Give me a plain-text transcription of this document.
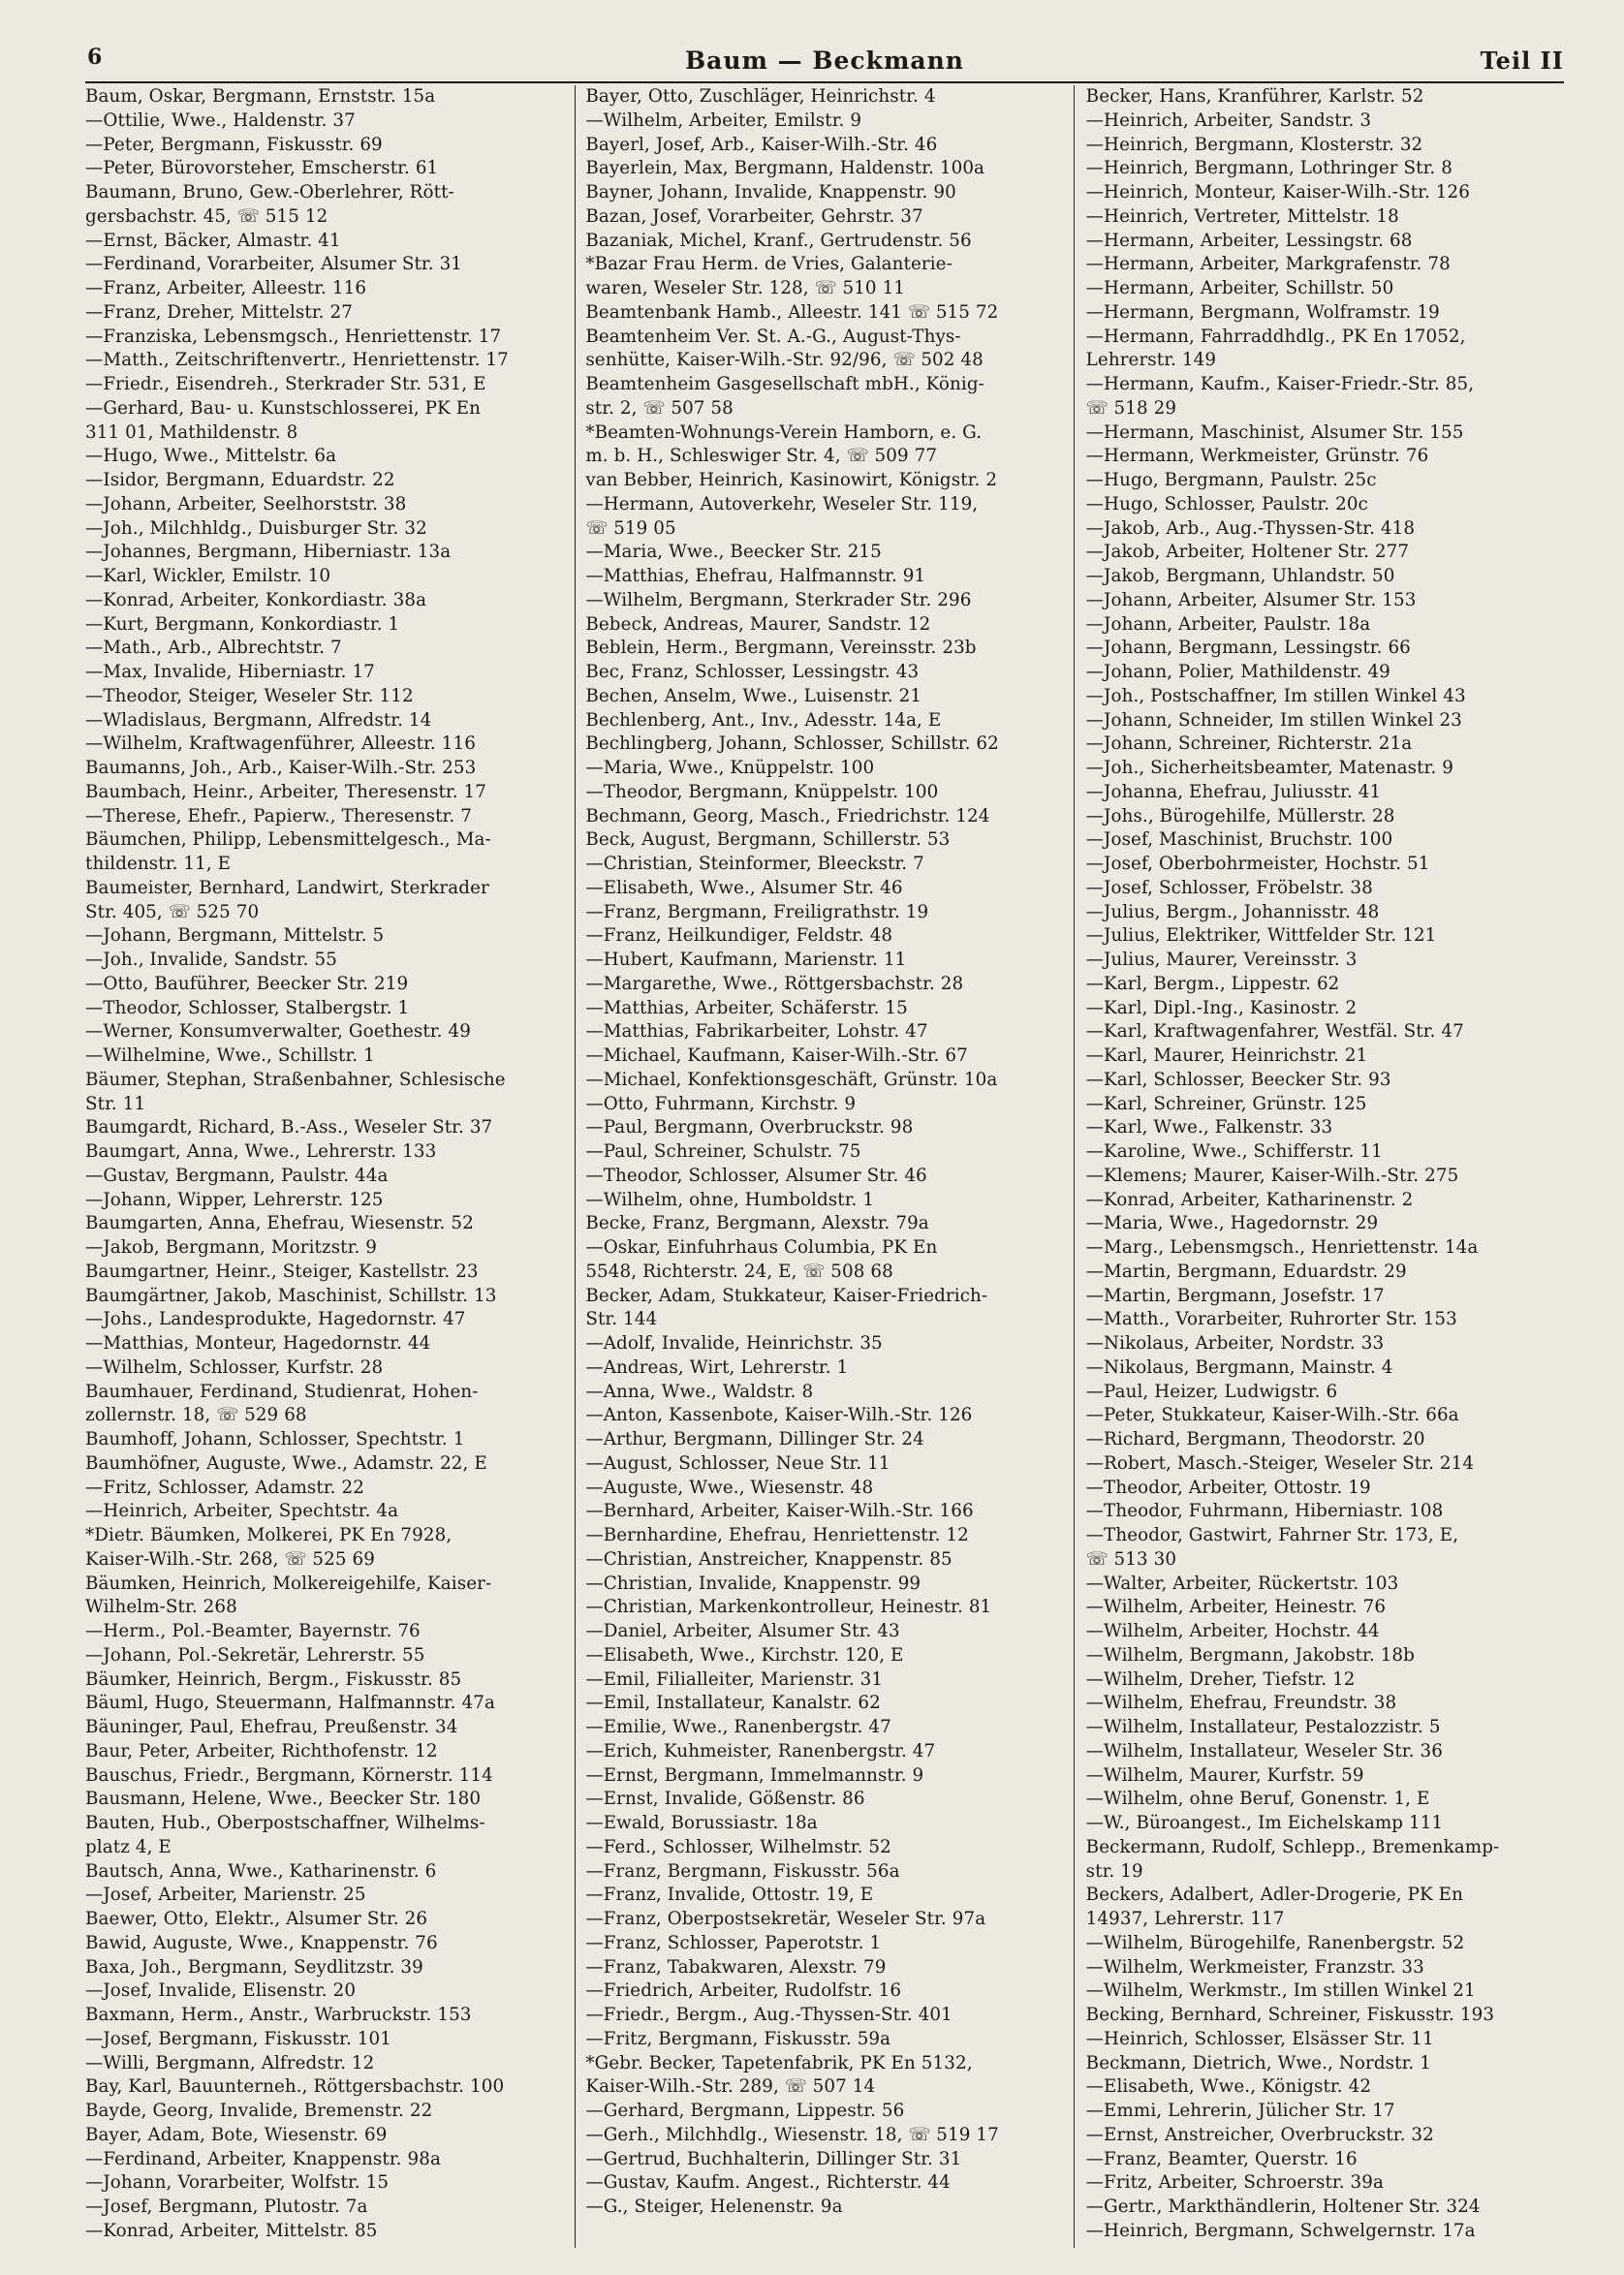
6	Baum — Beckmann	Teil II
Baum, Oskar, Bergmann, Ernststr. 15a
—Ottilie, Wwe., Haldenstr. 37
—Peter, Bergmann, Fiskusstr. 69
—Peter, Bürovorsteher, Emscherstr. 61
Baumann, Bruno, Gew.-Oberlehrer, Rött-
gersbachstr. 45, ☏ 515 12
—Ernst, Bäcker, Almastr. 41
—Ferdinand, Vorarbeiter, Alsumer Str. 31
—Franz, Arbeiter, Alleestr. 116
—Franz, Dreher, Mittelstr. 27
—Franziska, Lebensmgsch., Henriettenstr. 17
—Matth., Zeitschriftenvertr., Henriettenstr. 17
—Friedr., Eisendreh., Sterkrader Str. 531, E
—Gerhard, Bau- u. Kunstschlosserei, PK En
311 01, Mathildenstr. 8
—Hugo, Wwe., Mittelstr. 6a
—Isidor, Bergmann, Eduardstr. 22
—Johann, Arbeiter, Seelhorststr. 38
—Joh., Milchhldg., Duisburger Str. 32
—Johannes, Bergmann, Hiberniastr. 13a
—Karl, Wickler, Emilstr. 10
—Konrad, Arbeiter, Konkordiastr. 38a
—Kurt, Bergmann, Konkordiastr. 1
—Math., Arb., Albrechtstr. 7
—Max, Invalide, Hiberniastr. 17
—Theodor, Steiger, Weseler Str. 112
—Wladislaus, Bergmann, Alfredstr. 14
—Wilhelm, Kraftwagenführer, Alleestr. 116
Baumanns, Joh., Arb., Kaiser-Wilh.-Str. 253
Baumbach, Heinr., Arbeiter, Theresenstr. 17
—Therese, Ehefr., Papierw., Theresenstr. 7
Bäumchen, Philipp, Lebensmittelgesch., Ma-
thildenstr. 11, E
Baumeister, Bernhard, Landwirt, Sterkrader
Str. 405, ☏ 525 70
—Johann, Bergmann, Mittelstr. 5
—Joh., Invalide, Sandstr. 55
—Otto, Bauführer, Beecker Str. 219
—Theodor, Schlosser, Stalbergstr. 1
—Werner, Konsumverwalter, Goethestr. 49
—Wilhelmine, Wwe., Schillstr. 1
Bäumer, Stephan, Straßenbahner, Schlesische
Str. 11
Baumgardt, Richard, B.-Ass., Weseler Str. 37
Baumgart, Anna, Wwe., Lehrerstr. 133
—Gustav, Bergmann, Paulstr. 44a
—Johann, Wipper, Lehrerstr. 125
Baumgarten, Anna, Ehefrau, Wiesenstr. 52
—Jakob, Bergmann, Moritzstr. 9
Baumgartner, Heinr., Steiger, Kastellstr. 23
Baumgärtner, Jakob, Maschinist, Schillstr. 13
—Johs., Landesprodukte, Hagedornstr. 47
—Matthias, Monteur, Hagedornstr. 44
—Wilhelm, Schlosser, Kurfstr. 28
Baumhauer, Ferdinand, Studienrat, Hohen-
zollernstr. 18, ☏ 529 68
Baumhoff, Johann, Schlosser, Spechtstr. 1
Baumhöfner, Auguste, Wwe., Adamstr. 22, E
—Fritz, Schlosser, Adamstr. 22
—Heinrich, Arbeiter, Spechtstr. 4a
*Dietr. Bäumken, Molkerei, PK En 7928,
Kaiser-Wilh.-Str. 268, ☏ 525 69
Bäumken, Heinrich, Molkereigehilfe, Kaiser-
Wilhelm-Str. 268
—Herm., Pol.-Beamter, Bayernstr. 76
—Johann, Pol.-Sekretär, Lehrerstr. 55
Bäumker, Heinrich, Bergm., Fiskusstr. 85
Bäuml, Hugo, Steuermann, Halfmannstr. 47a
Bäuninger, Paul, Ehefrau, Preußenstr. 34
Baur, Peter, Arbeiter, Richthofenstr. 12
Bauschus, Friedr., Bergmann, Körnerstr. 114
Bausmann, Helene, Wwe., Beecker Str. 180
Bauten, Hub., Oberpostschaffner, Wilhelms-
platz 4, E
Bautsch, Anna, Wwe., Katharinenstr. 6
—Josef, Arbeiter, Marienstr. 25
Baewer, Otto, Elektr., Alsumer Str. 26
Bawid, Auguste, Wwe., Knappenstr. 76
Baxa, Joh., Bergmann, Seydlitzstr. 39
—Josef, Invalide, Elisenstr. 20
Baxmann, Herm., Anstr., Warbruckstr. 153
—Josef, Bergmann, Fiskusstr. 101
—Willi, Bergmann, Alfredstr. 12
Bay, Karl, Bauunterneh., Röttgersbachstr. 100
Bayde, Georg, Invalide, Bremenstr. 22
Bayer, Adam, Bote, Wiesenstr. 69
—Ferdinand, Arbeiter, Knappenstr. 98a
—Johann, Vorarbeiter, Wolfstr. 15
—Josef, Bergmann, Plutostr. 7a
—Konrad, Arbeiter, Mittelstr. 85
Bayer, Otto, Zuschläger, Heinrichstr. 4
—Wilhelm, Arbeiter, Emilstr. 9
Bayerl, Josef, Arb., Kaiser-Wilh.-Str. 46
Bayerlein, Max, Bergmann, Haldenstr. 100a
Bayner, Johann, Invalide, Knappenstr. 90
Bazan, Josef, Vorarbeiter, Gehrstr. 37
Bazaniak, Michel, Kranf., Gertrudenstr. 56
*Bazar Frau Herm. de Vries, Galanterie-
waren, Weseler Str. 128, ☏ 510 11
Beamtenbank Hamb., Alleestr. 141 ☏ 515 72
Beamtenheim Ver. St. A.-G., August-Thys-
senhütte, Kaiser-Wilh.-Str. 92/96, ☏ 502 48
Beamtenheim Gasgesellschaft mbH., König-
str. 2, ☏ 507 58
*Beamten-Wohnungs-Verein Hamborn, e. G.
m. b. H., Schleswiger Str. 4, ☏ 509 77
van Bebber, Heinrich, Kasinowirt, Königstr. 2
—Hermann, Autoverkehr, Weseler Str. 119,
☏ 519 05
—Maria, Wwe., Beecker Str. 215
—Matthias, Ehefrau, Halfmannstr. 91
—Wilhelm, Bergmann, Sterkrader Str. 296
Bebeck, Andreas, Maurer, Sandstr. 12
Beblein, Herm., Bergmann, Vereinsstr. 23b
Bec, Franz, Schlosser, Lessingstr. 43
Bechen, Anselm, Wwe., Luisenstr. 21
Bechlenberg, Ant., Inv., Adesstr. 14a, E
Bechlingberg, Johann, Schlosser, Schillstr. 62
—Maria, Wwe., Knüppelstr. 100
—Theodor, Bergmann, Knüppelstr. 100
Bechmann, Georg, Masch., Friedrichstr. 124
Beck, August, Bergmann, Schillerstr. 53
—Christian, Steinformer, Bleeckstr. 7
—Elisabeth, Wwe., Alsumer Str. 46
—Franz, Bergmann, Freiligrathstr. 19
—Franz, Heilkundiger, Feldstr. 48
—Hubert, Kaufmann, Marienstr. 11
—Margarethe, Wwe., Röttgersbachstr. 28
—Matthias, Arbeiter, Schäferstr. 15
—Matthias, Fabrikarbeiter, Lohstr. 47
—Michael, Kaufmann, Kaiser-Wilh.-Str. 67
—Michael, Konfektionsgeschäft, Grünstr. 10a
—Otto, Fuhrmann, Kirchstr. 9
—Paul, Bergmann, Overbruckstr. 98
—Paul, Schreiner, Schulstr. 75
—Theodor, Schlosser, Alsumer Str. 46
—Wilhelm, ohne, Humboldstr. 1
Becke, Franz, Bergmann, Alexstr. 79a
—Oskar, Einfuhrhaus Columbia, PK En
5548, Richterstr. 24, E, ☏ 508 68
Becker, Adam, Stukkateur, Kaiser-Friedrich-
Str. 144
—Adolf, Invalide, Heinrichstr. 35
—Andreas, Wirt, Lehrerstr. 1
—Anna, Wwe., Waldstr. 8
—Anton, Kassenbote, Kaiser-Wilh.-Str. 126
—Arthur, Bergmann, Dillinger Str. 24
—August, Schlosser, Neue Str. 11
—Auguste, Wwe., Wiesenstr. 48
—Bernhard, Arbeiter, Kaiser-Wilh.-Str. 166
—Bernhardine, Ehefrau, Henriettenstr. 12
—Christian, Anstreicher, Knappenstr. 85
—Christian, Invalide, Knappenstr. 99
—Christian, Markenkontrolleur, Heinestr. 81
—Daniel, Arbeiter, Alsumer Str. 43
—Elisabeth, Wwe., Kirchstr. 120, E
—Emil, Filialleiter, Marienstr. 31
—Emil, Installateur, Kanalstr. 62
—Emilie, Wwe., Ranenbergstr. 47
—Erich, Kuhmeister, Ranenbergstr. 47
—Ernst, Bergmann, Immelmannstr. 9
—Ernst, Invalide, Gößenstr. 86
—Ewald, Borussiastr. 18a
—Ferd., Schlosser, Wilhelmstr. 52
—Franz, Bergmann, Fiskusstr. 56a
—Franz, Invalide, Ottostr. 19, E
—Franz, Oberpostsekretär, Weseler Str. 97a
—Franz, Schlosser, Paperotstr. 1
—Franz, Tabakwaren, Alexstr. 79
—Friedrich, Arbeiter, Rudolfstr. 16
—Friedr., Bergm., Aug.-Thyssen-Str. 401
—Fritz, Bergmann, Fiskusstr. 59a
*Gebr. Becker, Tapetenfabrik, PK En 5132,
Kaiser-Wilh.-Str. 289, ☏ 507 14
—Gerhard, Bergmann, Lippestr. 56
—Gerh., Milchhdlg., Wiesenstr. 18, ☏ 519 17
—Gertrud, Buchhalterin, Dillinger Str. 31
—Gustav, Kaufm. Angest., Richterstr. 44
—G., Steiger, Helenenstr. 9a
Becker, Hans, Kranführer, Karlstr. 52
—Heinrich, Arbeiter, Sandstr. 3
—Heinrich, Bergmann, Klosterstr. 32
—Heinrich, Bergmann, Lothringer Str. 8
—Heinrich, Monteur, Kaiser-Wilh.-Str. 126
—Heinrich, Vertreter, Mittelstr. 18
—Hermann, Arbeiter, Lessingstr. 68
—Hermann, Arbeiter, Markgrafenstr. 78
—Hermann, Arbeiter, Schillstr. 50
—Hermann, Bergmann, Wolframstr. 19
—Hermann, Fahrraddhdlg., PK En 17052,
Lehrerstr. 149
—Hermann, Kaufm., Kaiser-Friedr.-Str. 85,
☏ 518 29
—Hermann, Maschinist, Alsumer Str. 155
—Hermann, Werkmeister, Grünstr. 76
—Hugo, Bergmann, Paulstr. 25c
—Hugo, Schlosser, Paulstr. 20c
—Jakob, Arb., Aug.-Thyssen-Str. 418
—Jakob, Arbeiter, Holtener Str. 277
—Jakob, Bergmann, Uhlandstr. 50
—Johann, Arbeiter, Alsumer Str. 153
—Johann, Arbeiter, Paulstr. 18a
—Johann, Bergmann, Lessingstr. 66
—Johann, Polier, Mathildenstr. 49
—Joh., Postschaffner, Im stillen Winkel 43
—Johann, Schneider, Im stillen Winkel 23
—Johann, Schreiner, Richterstr. 21a
—Joh., Sicherheitsbeamter, Matenastr. 9
—Johanna, Ehefrau, Juliusstr. 41
—Johs., Bürogehilfe, Müllerstr. 28
—Josef, Maschinist, Bruchstr. 100
—Josef, Oberbohrmeister, Hochstr. 51
—Josef, Schlosser, Fröbelstr. 38
—Julius, Bergm., Johannisstr. 48
—Julius, Elektriker, Wittfelder Str. 121
—Julius, Maurer, Vereinsstr. 3
—Karl, Bergm., Lippestr. 62
—Karl, Dipl.-Ing., Kasinostr. 2
—Karl, Kraftwagenfahrer, Westfäl. Str. 47
—Karl, Maurer, Heinrichstr. 21
—Karl, Schlosser, Beecker Str. 93
—Karl, Schreiner, Grünstr. 125
—Karl, Wwe., Falkenstr. 33
—Karoline, Wwe., Schifferstr. 11
—Klemens; Maurer, Kaiser-Wilh.-Str. 275
—Konrad, Arbeiter, Katharinenstr. 2
—Maria, Wwe., Hagedornstr. 29
—Marg., Lebensmgsch., Henriettenstr. 14a
—Martin, Bergmann, Eduardstr. 29
—Martin, Bergmann, Josefstr. 17
—Matth., Vorarbeiter, Ruhrorter Str. 153
—Nikolaus, Arbeiter, Nordstr. 33
—Nikolaus, Bergmann, Mainstr. 4
—Paul, Heizer, Ludwigstr. 6
—Peter, Stukkateur, Kaiser-Wilh.-Str. 66a
—Richard, Bergmann, Theodorstr. 20
—Robert, Masch.-Steiger, Weseler Str. 214
—Theodor, Arbeiter, Ottostr. 19
—Theodor, Fuhrmann, Hiberniastr. 108
—Theodor, Gastwirt, Fahrner Str. 173, E,
☏ 513 30
—Walter, Arbeiter, Rückertstr. 103
—Wilhelm, Arbeiter, Heinestr. 76
—Wilhelm, Arbeiter, Hochstr. 44
—Wilhelm, Bergmann, Jakobstr. 18b
—Wilhelm, Dreher, Tiefstr. 12
—Wilhelm, Ehefrau, Freundstr. 38
—Wilhelm, Installateur, Pestalozzistr. 5
—Wilhelm, Installateur, Weseler Str. 36
—Wilhelm, Maurer, Kurfstr. 59
—Wilhelm, ohne Beruf, Gonenstr. 1, E
—W., Büroangest., Im Eichelskamp 111
Beckermann, Rudolf, Schlepp., Bremenkamp-
str. 19
Beckers, Adalbert, Adler-Drogerie, PK En
14937, Lehrerstr. 117
—Wilhelm, Bürogehilfe, Ranenbergstr. 52
—Wilhelm, Werkmeister, Franzstr. 33
—Wilhelm, Werkmstr., Im stillen Winkel 21
Becking, Bernhard, Schreiner, Fiskusstr. 193
—Heinrich, Schlosser, Elsässer Str. 11
Beckmann, Dietrich, Wwe., Nordstr. 1
—Elisabeth, Wwe., Königstr. 42
—Emmi, Lehrerin, Jülicher Str. 17
—Ernst, Anstreicher, Overbruckstr. 32
—Franz, Beamter, Querstr. 16
—Fritz, Arbeiter, Schroerstr. 39a
—Gertr., Markthändlerin, Holtener Str. 324
—Heinrich, Bergmann, Schwelgernstr. 17a
